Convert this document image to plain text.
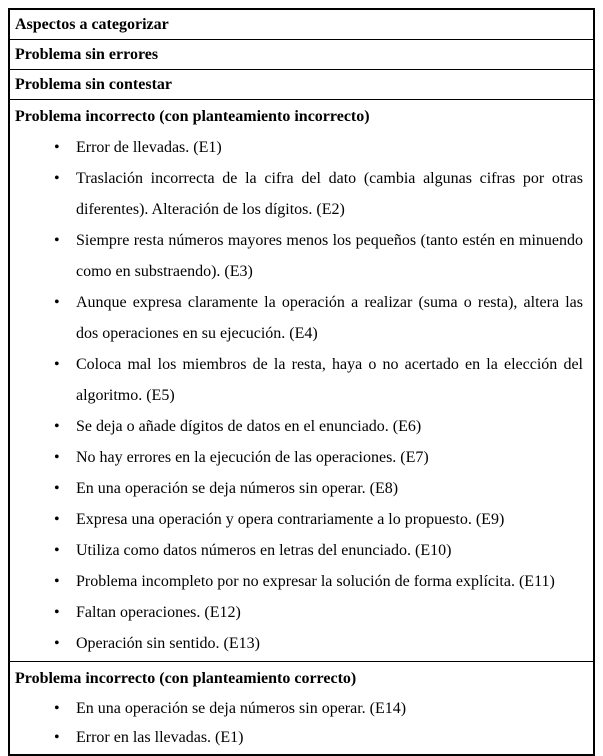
Aspectos a categorizar
Problema sin errores
Problema sin contestar
Problema incorrecto (con planteamiento incorrecto)
• Error de llevadas. (E1)
• Traslación incorrecta de la cifra del dato (cambia algunas cifras por otras diferentes). Alteración de los dígitos. (E2)
• Siempre resta números mayores menos los pequeños (tanto estén en minuendo como en substraendo). (E3)
• Aunque expresa claramente la operación a realizar (suma o resta), altera las dos operaciones en su ejecución. (E4)
• Coloca mal los miembros de la resta, haya o no acertado en la elección del algoritmo. (E5)
• Se deja o añade dígitos de datos en el enunciado. (E6)
• No hay errores en la ejecución de las operaciones. (E7)
• En una operación se deja números sin operar. (E8)
• Expresa una operación y opera contrariamente a lo propuesto. (E9)
• Utiliza como datos números en letras del enunciado. (E10)
• Problema incompleto por no expresar la solución de forma explícita. (E11)
• Faltan operaciones. (E12)
• Operación sin sentido. (E13)
Problema incorrecto (con planteamiento correcto)
• En una operación se deja números sin operar. (E14)
• Error en las llevadas. (E1)
